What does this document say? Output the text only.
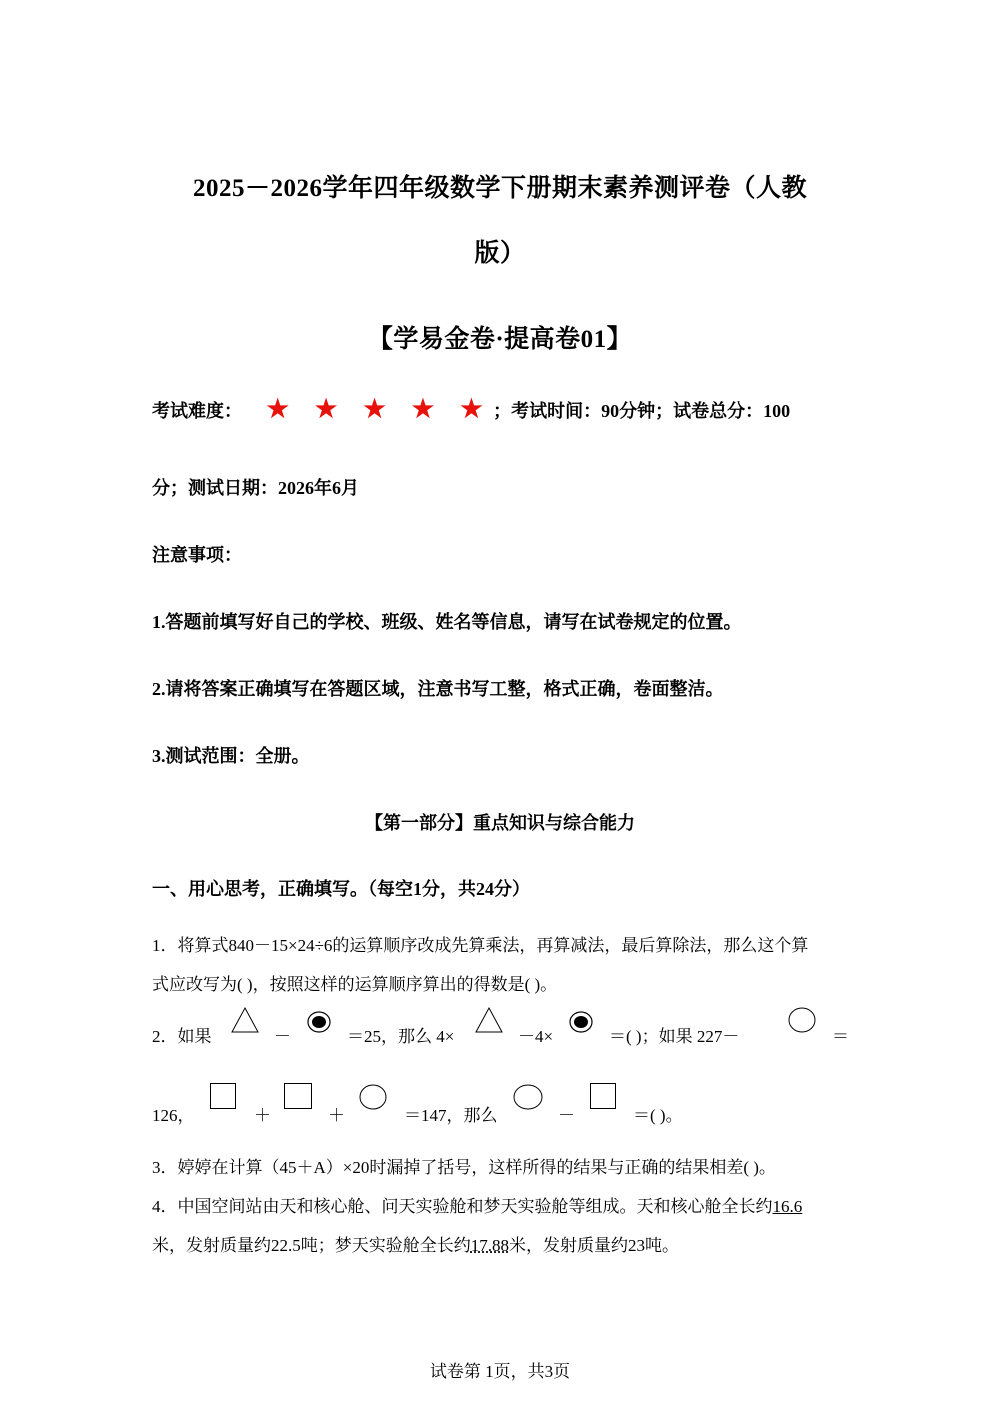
2025－2026学年四年级数学下册期末素养测评卷（人教
版）
【学易金卷·提高卷01】
考试难度： ★ ★ ★ ★ ★ ；考试时间：90分钟；试卷总分：100
分；测试日期：2026年6月
注意事项：
1.答题前填写好自己的学校、班级、姓名等信息，请写在试卷规定的位置。
2.请将答案正确填写在答题区域，注意书写工整，格式正确，卷面整洁。
3.测试范围：全册。
【第一部分】重点知识与综合能力
一、用心思考，正确填写。（每空1分，共24分）
1．将算式840－15×24÷6的运算顺序改成先算乘法，再算减法，最后算除法，那么这个算
式应改写为( )，按照这样的运算顺序算出的得数是( )。
2．如果	－	＝25，那么 4×	－4×	＝( )；如果 227－	＝
126，	＋	＋	＝147，那么	－	＝( )。
3．婷婷在计算（45＋A）×20时漏掉了括号，这样所得的结果与正确的结果相差( )。
4．中国空间站由天和核心舱、问天实验舱和梦天实验舱等组成。天和核心舱全长约16.6
米，发射质量约22.5吨；梦天实验舱全长约17.88米，发射质量约23吨。
试卷第 1页，共3页
